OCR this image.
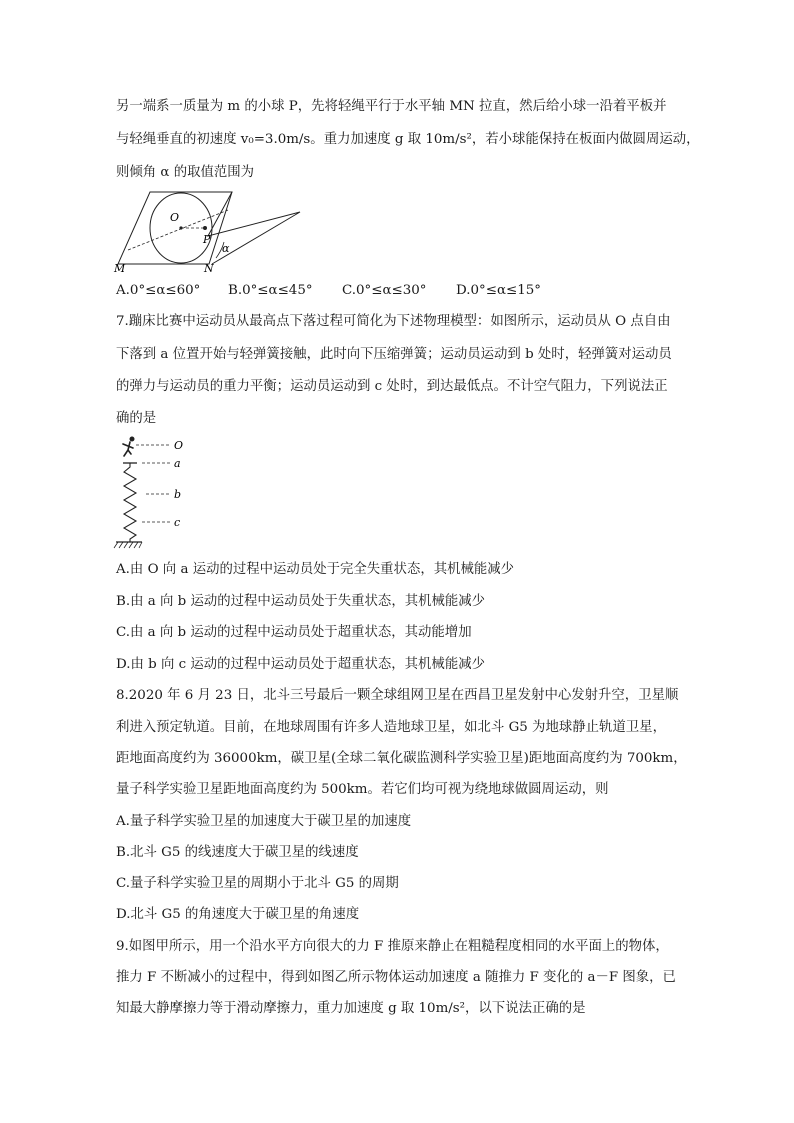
另一端系一质量为 m 的小球 P，先将轻绳平行于水平轴 MN 拉直，然后给小球一沿着平板并
与轻绳垂直的初速度 v₀=3.0m/s。重力加速度 g 取 10m/s²，若小球能保持在板面内做圆周运动，
则倾角 α 的取值范围为
O
P
α
M	N
A.0°≤α≤60° B.0°≤α≤45° C.0°≤α≤30° D.0°≤α≤15°
7.蹦床比赛中运动员从最高点下落过程可简化为下述物理模型：如图所示，运动员从 O 点自由
下落到 a 位置开始与轻弹簧接触，此时向下压缩弹簧；运动员运动到 b 处时，轻弹簧对运动员
的弹力与运动员的重力平衡；运动员运动到 c 处时，到达最低点。不计空气阻力，下列说法正
确的是
O
a
b
c
A.由 O 向 a 运动的过程中运动员处于完全失重状态，其机械能减少
B.由 a 向 b 运动的过程中运动员处于失重状态，其机械能减少
C.由 a 向 b 运动的过程中运动员处于超重状态，其动能增加
D.由 b 向 c 运动的过程中运动员处于超重状态，其机械能减少
8.2020 年 6 月 23 日，北斗三号最后一颗全球组网卫星在西昌卫星发射中心发射升空，卫星顺
利进入预定轨道。目前，在地球周围有许多人造地球卫星，如北斗 G5 为地球静止轨道卫星，
距地面高度约为 36000km，碳卫星(全球二氧化碳监测科学实验卫星)距地面高度约为 700km，
量子科学实验卫星距地面高度约为 500km。若它们均可视为绕地球做圆周运动，则
A.量子科学实验卫星的加速度大于碳卫星的加速度
B.北斗 G5 的线速度大于碳卫星的线速度
C.量子科学实验卫星的周期小于北斗 G5 的周期
D.北斗 G5 的角速度大于碳卫星的角速度
9.如图甲所示，用一个沿水平方向很大的力 F 推原来静止在粗糙程度相同的水平面上的物体，
推力 F 不断减小的过程中，得到如图乙所示物体运动加速度 a 随推力 F 变化的 a－F 图象，已
知最大静摩擦力等于滑动摩擦力，重力加速度 g 取 10m/s²，以下说法正确的是
